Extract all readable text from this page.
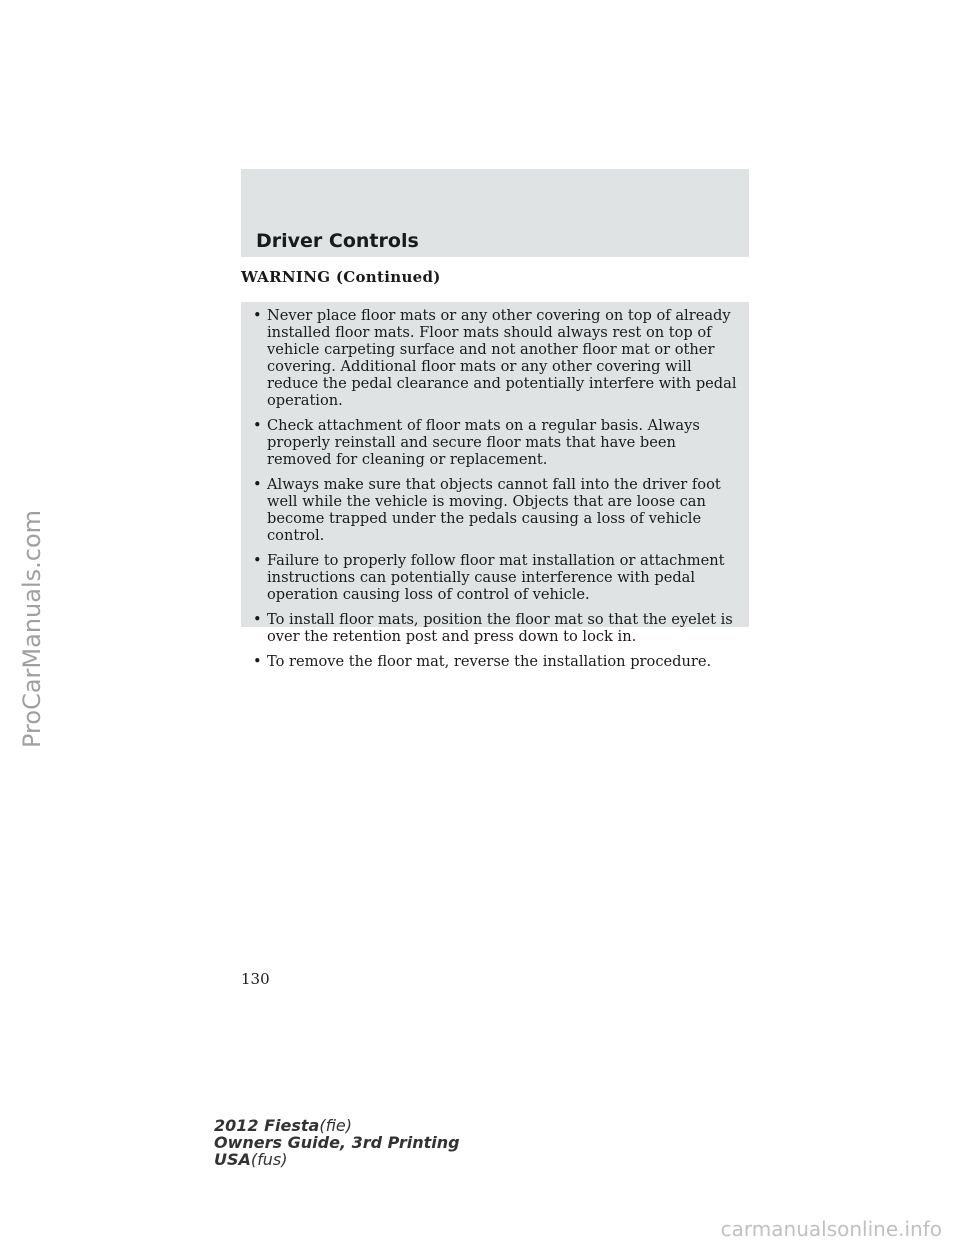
Driver Controls
WARNING (Continued)
• Never place floor mats or any other covering on top of already installed floor mats. Floor mats should always rest on top of vehicle carpeting surface and not another floor mat or other covering. Additional floor mats or any other covering will reduce the pedal clearance and potentially interfere with pedal operation.
• Check attachment of floor mats on a regular basis. Always properly reinstall and secure floor mats that have been removed for cleaning or replacement.
• Always make sure that objects cannot fall into the driver foot well while the vehicle is moving. Objects that are loose can become trapped under the pedals causing a loss of vehicle control.
• Failure to properly follow floor mat installation or attachment instructions can potentially cause interference with pedal operation causing loss of control of vehicle.
• To install floor mats, position the floor mat so that the eyelet is over the retention post and press down to lock in.
• To remove the floor mat, reverse the installation procedure.
130
2012 Fiesta(fie)
Owners Guide, 3rd Printing
USA(fus)
ProCarManuals.com
carmanualsonline.info
